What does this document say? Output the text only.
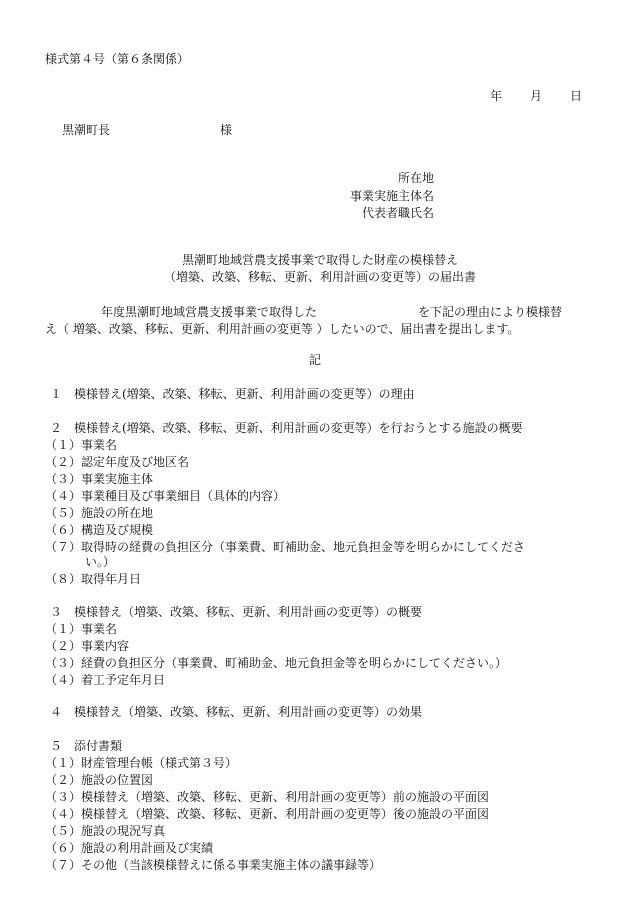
様式第４号（第６条関係）
年 月 日
黒潮町長	様
所在地
事業実施主体名
代表者職氏名
黒潮町地域営農支援事業で取得した財産の模様替え
（増築、改築、移転、更新、利用計画の変更等）の届出書
年度黒潮町地域営農支援事業で取得した	を下記の理由により模様替
え（ 増築、改築、移転、更新、利用計画の変更等 ）したいので、届出書を提出します。
記
１　模様替え(増築、改築、移転、更新、利用計画の変更等）の理由
２　模様替え(増築、改築、移転、更新、利用計画の変更等）を行おうとする施設の概要
（１）事業名
（２）認定年度及び地区名
（３）事業実施主体
（４）事業種目及び事業細目（具体的内容）
（５）施設の所在地
（６）構造及び規模
（７）取得時の経費の負担区分（事業費、町補助金、地元負担金等を明らかにしてくださ
い。）
（８）取得年月日
３　模様替え（増築、改築、移転、更新、利用計画の変更等）の概要
（１）事業名
（２）事業内容
（３）経費の負担区分（事業費、町補助金、地元負担金等を明らかにしてください。）
（４）着工予定年月日
４　模様替え（増築、改築、移転、更新、利用計画の変更等）の効果
５　添付書類
（１）財産管理台帳（様式第３号）
（２）施設の位置図
（３）模様替え（増築、改築、移転、更新、利用計画の変更等）前の施設の平面図
（４）模様替え（増築、改築、移転、更新、利用計画の変更等）後の施設の平面図
（５）施設の現況写真
（６）施設の利用計画及び実績
（７）その他（当該模様替えに係る事業実施主体の議事録等）
